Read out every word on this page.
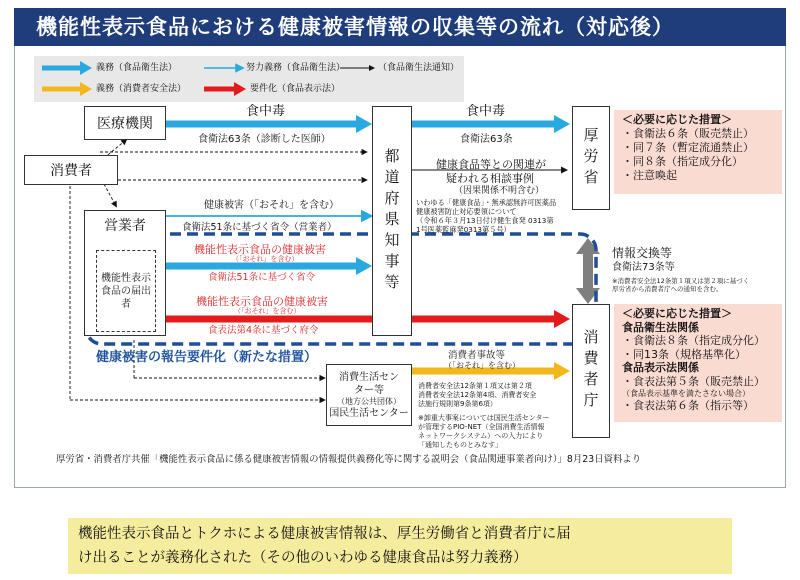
機能性表示食品における健康被害情報の収集等の流れ（対応後）
義務（食品衛生法）	努力義務（食品衛生法）	（食品衛生法通知）
義務（消費者安全法）	要件化（食品表示法）
医療機関
消費者
営業者
機能性表示食品の届出者
都道府県知事等	厚労省
消費者庁
消費生活センター等
（地方公共団体）
国民生活センター
食中毒
食衛法63条（診断した医師）
食中毒
食衛法63条
健康食品等との関連が
疑われる相談事例
（因果関係不明含む）
いわゆる「健康食品」・無承認無許可医薬品
健康被害防止対応要領について
（令和６年３月13日付け健生食発 0313第
1号医薬監麻発0313第５号）
健康被害（「おそれ」を含む）
食衛法51条に基づく省令（営業者）
機能性表示食品の健康被害
（「おそれ」を含む）
食衛法51条に基づく省令
機能性表示食品の健康被害
（「おそれ」を含む）
食表法第4条に基づく府令
健康被害の報告要件化（新たな措置）
情報交換等
食衛法73条等
※消費者安全法12条第１項又は第２項に基づく
厚労省から消費者庁への通知を含む。
消費者事故等
（「おそれ」を含む）
消費者安全法12条第１項又は第２項
消費者安全法12条第4項、消費者安全
法施行規則第9条第6項）
※卸重大事案については国民生活センター
が管理するPIO-NET（全国消費生活情報
ネットワークシステム）への入力により
「通知したものとみなす」
＜必要に応じた措置＞
・食衛法６条（販売禁止）
・同７条（暫定流通禁止）
・同８条（指定成分化）
・注意喚起
＜必要に応じた措置＞
食品衛生法関係
・食衛法８条（指定成分化）
・同13条（規格基準化）
食品表示法関係
・食表法第５条（販売禁止）
（食品表示基準を満たさない場合）
・食表法第６条（指示等）
厚労省・消費者庁共催「機能性表示食品に係る健康被害情報の情報提供義務化等に関する説明会（食品関連事業者向け）」8月23日資料より
機能性表示食品とトクホによる健康被害情報は、厚生労働省と消費者庁に届
け出ることが義務化された（その他のいわゆる健康食品は努力義務）
